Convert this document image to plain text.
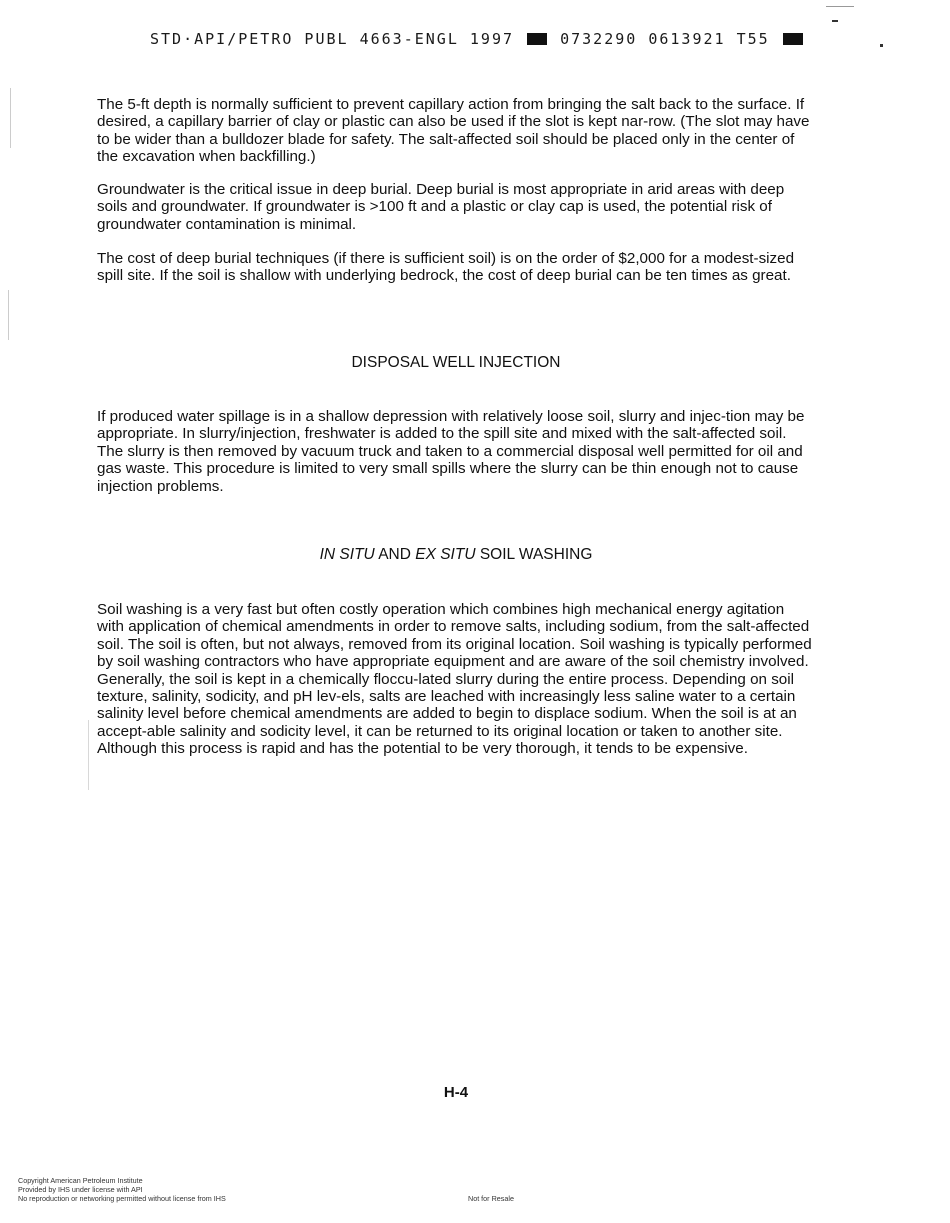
STD·API/PETRO PUBL 4663-ENGL 1997	0732290 0613921 T55

The 5-ft depth is normally sufficient to prevent capillary action from bringing the salt back to the surface. If desired, a capillary barrier of clay or plastic can also be used if the slot is kept nar-row. (The slot may have to be wider than a bulldozer blade for safety. The salt-affected soil should be placed only in the center of the excavation when backfilling.)

Groundwater is the critical issue in deep burial. Deep burial is most appropriate in arid areas with deep soils and groundwater. If groundwater is >100 ft and a plastic or clay cap is used, the potential risk of groundwater contamination is minimal.

The cost of deep burial techniques (if there is sufficient soil) is on the order of $2,000 for a modest-sized spill site. If the soil is shallow with underlying bedrock, the cost of deep burial can be ten times as great.

DISPOSAL WELL INJECTION

If produced water spillage is in a shallow depression with relatively loose soil, slurry and injec-tion may be appropriate. In slurry/injection, freshwater is added to the spill site and mixed with the salt-affected soil. The slurry is then removed by vacuum truck and taken to a commercial disposal well permitted for oil and gas waste. This procedure is limited to very small spills where the slurry can be thin enough not to cause injection problems.

IN SITU AND EX SITU SOIL WASHING

Soil washing is a very fast but often costly operation which combines high mechanical energy agitation with application of chemical amendments in order to remove salts, including sodium, from the salt-affected soil. The soil is often, but not always, removed from its original location. Soil washing is typically performed by soil washing contractors who have appropriate equipment and are aware of the soil chemistry involved. Generally, the soil is kept in a chemically floccu-lated slurry during the entire process. Depending on soil texture, salinity, sodicity, and pH lev-els, salts are leached with increasingly less saline water to a certain salinity level before chemical amendments are added to begin to displace sodium. When the soil is at an accept-able salinity and sodicity level, it can be returned to its original location or taken to another site. Although this process is rapid and has the potential to be very thorough, it tends to be expensive.

H-4
Copyright American Petroleum Institute
Provided by IHS under license with API
No reproduction or networking permitted without license from IHS	Not for Resale
